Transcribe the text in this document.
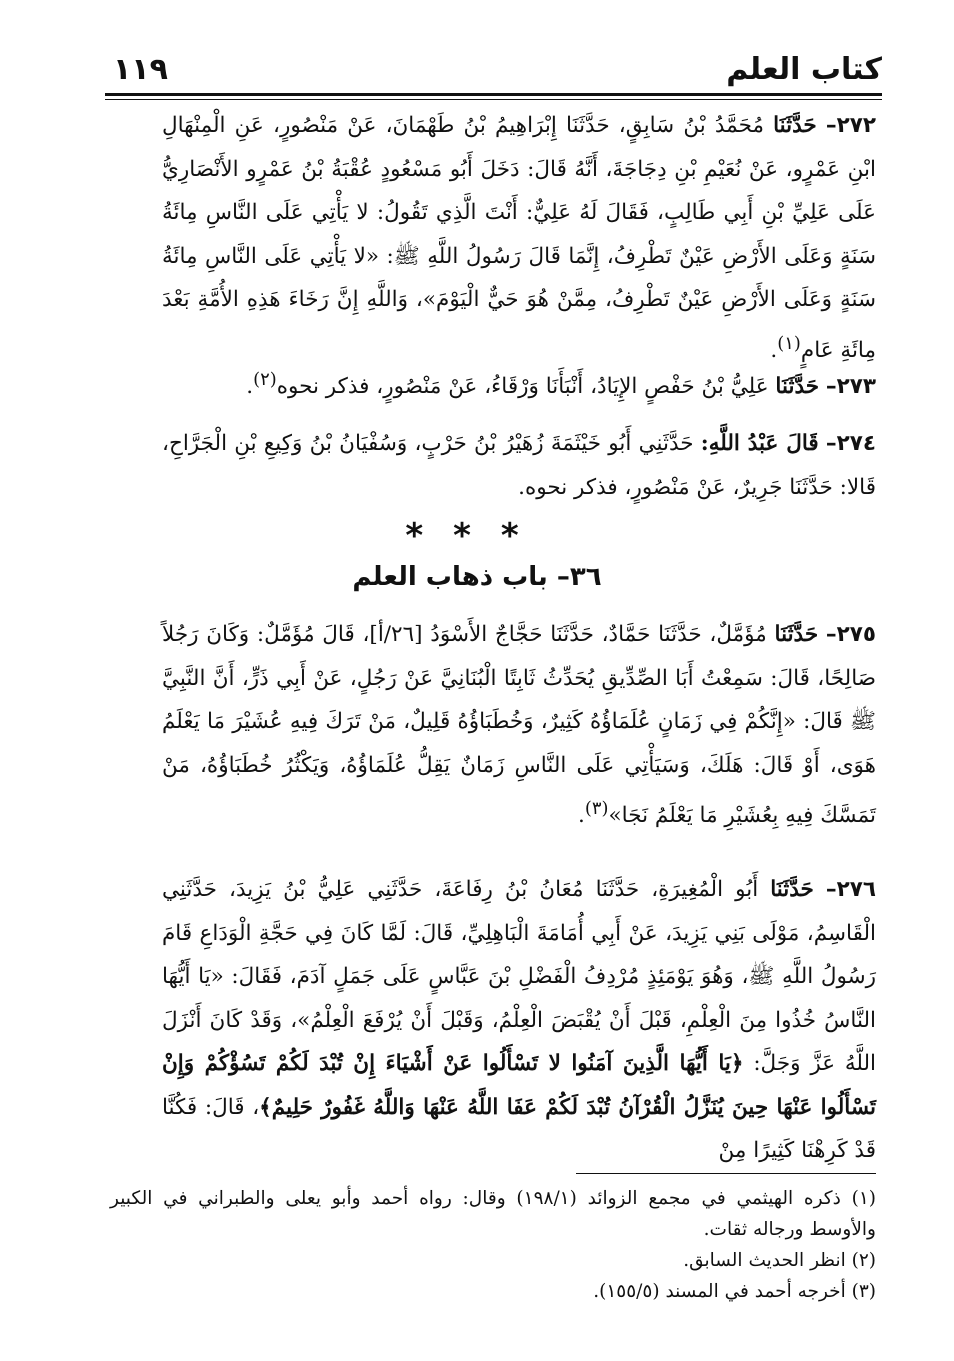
كتاب العلم
١١٩
٢٧٢– حَدَّثَنَا مُحَمَّدُ بْنُ سَابِقٍ، حَدَّثَنَا إِبْرَاهِيمُ بْنُ طَهْمَانَ، عَنْ مَنْصُورٍ، عَنِ الْمِنْهَالِ ابْنِ عَمْرٍو، عَنْ نُعَيْمِ بْنِ دِجَاجَةَ، أَنَّهُ قَالَ: دَخَلَ أَبُو مَسْعُودٍ عُقْبَةُ بْنُ عَمْرٍو الأَنْصَارِيُّ عَلَى عَلِيِّ بْنِ أَبِي طَالِبٍ، فَقَالَ لَهُ عَلِيٌّ: أَنْتَ الَّذِي تَقُولُ: لا يَأْتِي عَلَى النَّاسِ مِائَةُ سَنَةٍ وَعَلَى الأَرْضِ عَيْنٌ تَطْرِفُ، إِنَّمَا قَالَ رَسُولُ اللَّهِ ﷺ: «لا يَأْتِي عَلَى النَّاسِ مِائَةُ سَنَةٍ وَعَلَى الأَرْضِ عَيْنٌ تَطْرِفُ، مِمَّنْ هُوَ حَيٌّ الْيَوْمَ»، وَاللَّهِ إِنَّ رَخَاءَ هَذِهِ الأُمَّةِ بَعْدَ مِائَةِ عَامٍ$^{(١)}$.
٢٧٣– حَدَّثَنَا عَلِيُّ بْنُ حَفْصٍ الإِيَادُ، أَنْبَأَنَا وَرْقَاءُ، عَنْ مَنْصُورٍ، فذكر نحوه$^{(٢)}$.
٢٧٤– قَالَ عَبْدُ اللَّهِ: حَدَّثَنِي أَبُو خَيْثَمَةَ زُهَيْرُ بْنُ حَرْبٍ، وَسُفْيَانُ بْنُ وَكِيعِ بْنِ الْجَرَّاحِ، قَالا: حَدَّثَنَا جَرِيرٌ، عَنْ مَنْصُورٍ، فذكر نحوه.
***
٣٦– باب ذهاب العلم
٢٧٥– حَدَّثَنَا مُؤَمَّلٌ، حَدَّثَنَا حَمَّادٌ، حَدَّثَنَا حَجَّاجٌ الأَسْوَدُ [٢٦/أ]، قَالَ مُؤَمَّلٌ: وَكَانَ رَجُلاً صَالِحًا، قَالَ: سَمِعْتُ أَبَا الصِّدِّيقِ يُحَدِّثُ ثَابِتًا الْبُنَانِيَّ عَنْ رَجُلٍ، عَنْ أَبِي ذَرٍّ، أَنَّ النَّبِيَّ ﷺ قَالَ: «إِنَّكُمْ فِي زَمَانٍ عُلَمَاؤُهُ كَثِيرٌ، وَخُطَبَاؤُهُ قَلِيلٌ، مَنْ تَرَكَ فِيهِ عُشَيْرَ مَا يَعْلَمُ هَوَى، أَوْ قَالَ: هَلَكَ، وَسَيَأْتِي عَلَى النَّاسِ زَمَانٌ يَقِلُّ عُلَمَاؤُهُ، وَيَكْثُرُ خُطَبَاؤُهُ، مَنْ تَمَسَّكَ فِيهِ بِعُشَيْرِ مَا يَعْلَمُ نَجَا»$^{(٣)}$.
٢٧٦– حَدَّثَنَا أَبُو الْمُغِيرَةِ، حَدَّثَنَا مُعَانُ بْنُ رِفَاعَةَ، حَدَّثَنِي عَلِيُّ بْنُ يَزِيدَ، حَدَّثَنِي الْقَاسِمُ، مَوْلَى بَنِي يَزِيدَ، عَنْ أَبِي أُمَامَةَ الْبَاهِلِيِّ، قَالَ: لَمَّا كَانَ فِي حَجَّةِ الْوَدَاعِ قَامَ رَسُولُ اللَّهِ ﷺ، وَهُوَ يَوْمَئِذٍ مُرْدِفُ الْفَضْلِ بْنَ عَبَّاسٍ عَلَى جَمَلٍ آدَمَ، فَقَالَ: «يَا أَيُّهَا النَّاسُ خُذُوا مِنَ الْعِلْمِ، قَبْلَ أَنْ يُقْبَضَ الْعِلْمُ، وَقَبْلَ أَنْ يُرْفَعَ الْعِلْمُ»، وَقَدْ كَانَ أَنْزَلَ اللَّهُ عَزَّ وَجَلَّ: ﴿يَا أَيُّهَا الَّذِينَ آمَنُوا لا تَسْأَلُوا عَنْ أَشْيَاءَ إِنْ تُبْدَ لَكُمْ تَسُؤْكُمْ وَإِنْ تَسْأَلُوا عَنْهَا حِينَ يُنَزَّلُ الْقُرْآنُ تُبْدَ لَكُمْ عَفَا اللَّهُ عَنْهَا وَاللَّهُ غَفُورٌ حَلِيمٌ﴾، قَالَ: فَكُنَّا قَدْ كَرِهْنَا كَثِيرًا مِنْ

(١) ذكره الهيثمي في مجمع الزوائد (١٩٨/١) وقال: رواه أحمد وأبو يعلى والطبراني في الكبير والأوسط ورجاله ثقات.

(٢) انظر الحديث السابق.

(٣) أخرجه أحمد في المسند (١٥٥/٥).
